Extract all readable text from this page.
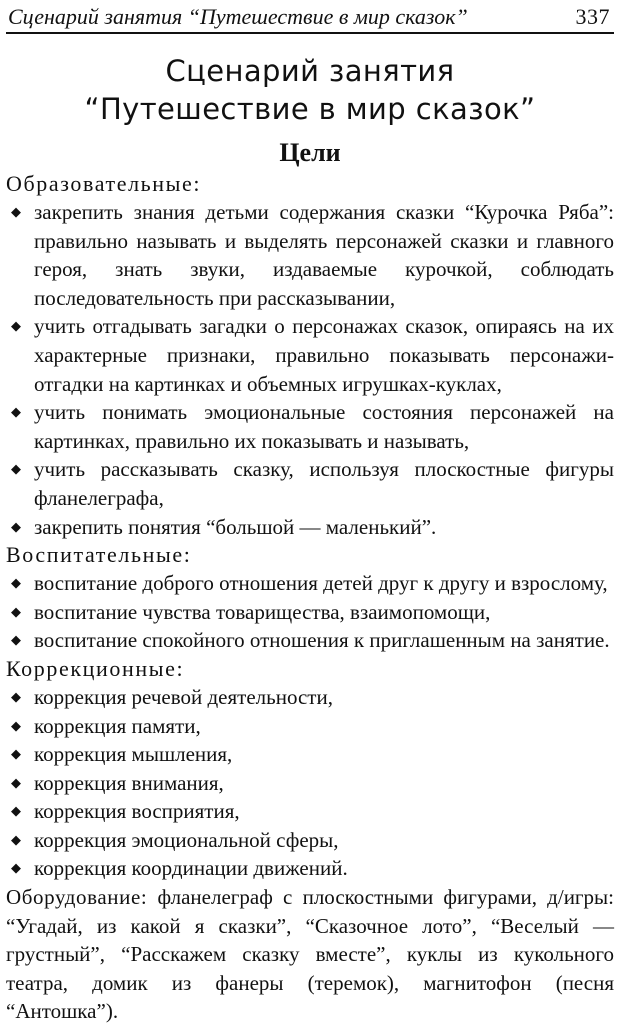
Сценарий занятия “Путешествие в мир сказок”	337
Сценарий занятия
“Путешествие в мир сказок”
Цели

Образовательные:

◆ закрепить знания детьми содержания сказки “Курочка Ряба”: правильно называть и выделять персонажей сказки и главного героя, знать звуки, издаваемые курочкой, соблюдать последовательность при рассказывании,
◆ учить отгадывать загадки о персонажах сказок, опираясь на их характерные признаки, правильно показывать персонажи-отгадки на картинках и объемных игрушках-куклах,
◆ учить понимать эмоциональные состояния персонажей на картинках, правильно их показывать и называть,
◆ учить рассказывать сказку, используя плоскостные фигуры фланелеграфа,
◆ закрепить понятия “большой — маленький”.

Воспитательные:

◆ воспитание доброго отношения детей друг к другу и взрослому,
◆ воспитание чувства товарищества, взаимопомощи,
◆ воспитание спокойного отношения к приглашенным на занятие.

Коррекционные:

◆ коррекция речевой деятельности,
◆ коррекция памяти,
◆ коррекция мышления,
◆ коррекция внимания,
◆ коррекция восприятия,
◆ коррекция эмоциональной сферы,
◆ коррекция координации движений.

Оборудование: фланелеграф с плоскостными фигурами, д/игры: “Угадай, из какой я сказки”, “Сказочное лото”, “Веселый — грустный”, “Расскажем сказку вместе”, куклы из кукольного театра, домик из фанеры (теремок), магнитофон (песня “Антошка”).
